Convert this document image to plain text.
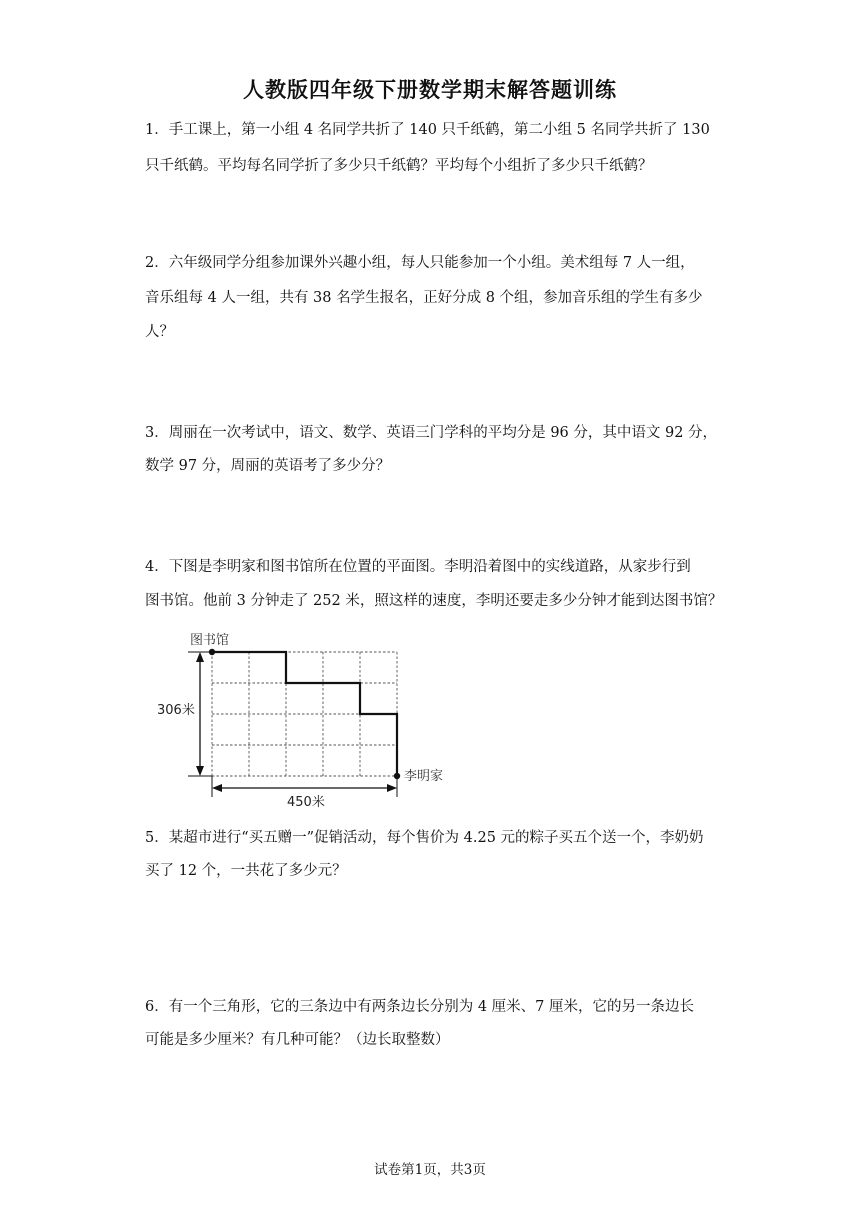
人教版四年级下册数学期末解答题训练
1．手工课上，第一小组 4 名同学共折了 140 只千纸鹤，第二小组 5 名同学共折了 130
只千纸鹤。平均每名同学折了多少只千纸鹤？平均每个小组折了多少只千纸鹤？
2．六年级同学分组参加课外兴趣小组，每人只能参加一个小组。美术组每 7 人一组，
音乐组每 4 人一组，共有 38 名学生报名，正好分成 8 个组，参加音乐组的学生有多少
人？
3．周丽在一次考试中，语文、数学、英语三门学科的平均分是 96 分，其中语文 92 分，
数学 97 分，周丽的英语考了多少分？
4．下图是李明家和图书馆所在位置的平面图。李明沿着图中的实线道路，从家步行到
图书馆。他前 3 分钟走了 252 米，照这样的速度，李明还要走多少分钟才能到达图书馆？
图书馆
李明家
306米
450米
5．某超市进行“买五赠一”促销活动，每个售价为 4.25 元的粽子买五个送一个，李奶奶
买了 12 个，一共花了多少元？
6．有一个三角形，它的三条边中有两条边长分别为 4 厘米、7 厘米，它的另一条边长
可能是多少厘米？有几种可能？（边长取整数）
试卷第1页，共3页
